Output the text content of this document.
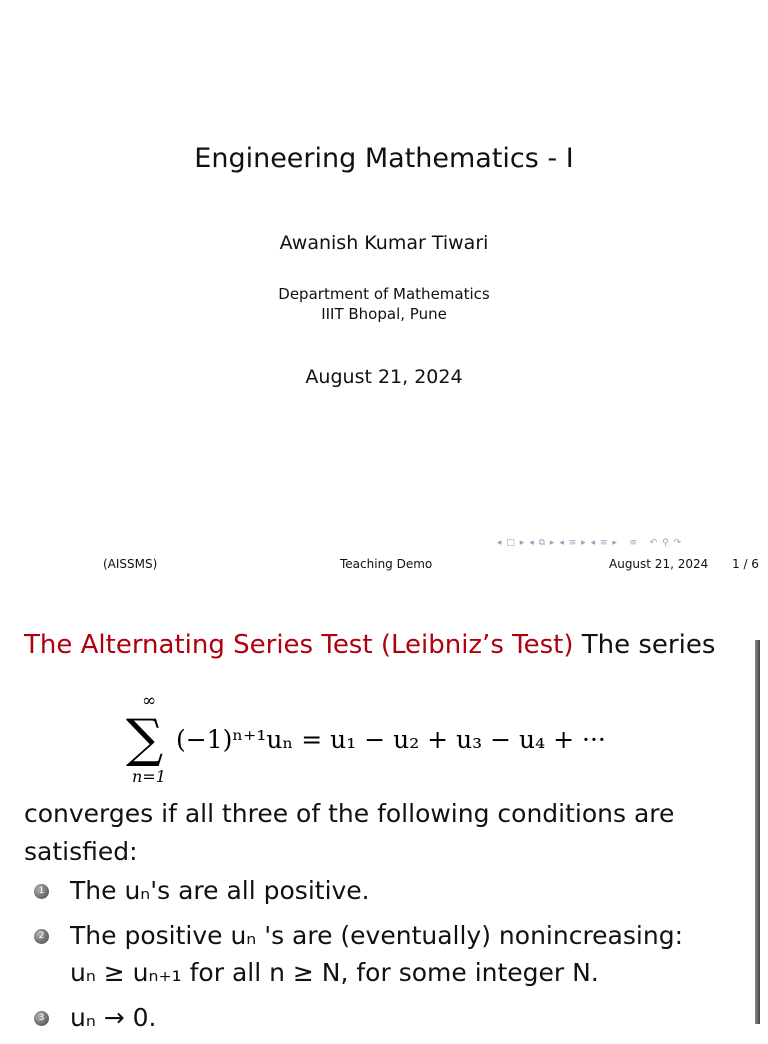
Engineering Mathematics - I
Awanish Kumar Tiwari
Department of Mathematics
IIIT Bhopal, Pune
August 21, 2024
◂ □ ▸ ◂ ⧉ ▸ ◂ ≡ ▸ ◂ ≡ ▸   ≡   ↶ ⚲ ↷
(AISSMS)	Teaching Demo	August 21, 2024 1 / 6
The Alternating Series Test (Leibniz’s Test) The series
∞
∑
n=1
(−1)ⁿ⁺¹uₙ = u₁ − u₂ + u₃ − u₄ + ···
converges if all three of the following conditions are
satisfied:
1 The uₙ's are all positive.
2 The positive uₙ 's are (eventually) nonincreasing:
uₙ ≥ uₙ₊₁ for all n ≥ N, for some integer N.
3 uₙ → 0.
